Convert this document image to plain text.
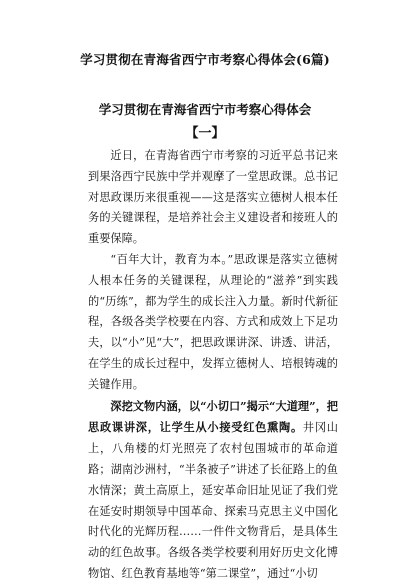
学习贯彻在青海省西宁市考察心得体会(6篇)
学习贯彻在青海省西宁市考察心得体会
【一】

近日，在青海省西宁市考察的习近平总书记来到果洛西宁民族中学并观摩了一堂思政课。总书记对思政课历来很重视——这是落实立德树人根本任务的关键课程，是培养社会主义建设者和接班人的重要保障。

“百年大计，教育为本。”思政课是落实立德树人根本任务的关键课程，从理论的“滋养”到实践的“历练”，都为学生的成长注入力量。新时代新征程，各级各类学校要在内容、方式和成效上下足功夫，以“小”见“大”，把思政课讲深、讲透、讲活，在学生的成长过程中，发挥立德树人、培根铸魂的关键作用。

深挖文物内涵，以“小切口”揭示“大道理”，把思政课讲深，让学生从小接受红色熏陶。井冈山上，八角楼的灯光照亮了农村包围城市的革命道路；湖南沙洲村，“半条被子”讲述了长征路上的鱼水情深；黄土高原上，延安革命旧址见证了我们党在延安时期领导中国革命、探索马克思主义中国化时代化的光辉历程……一件件文物背后，是具体生动的红色故事。各级各类学校要利用好历史文化博物馆、红色教育基地等“第二课堂”，通过“小切
